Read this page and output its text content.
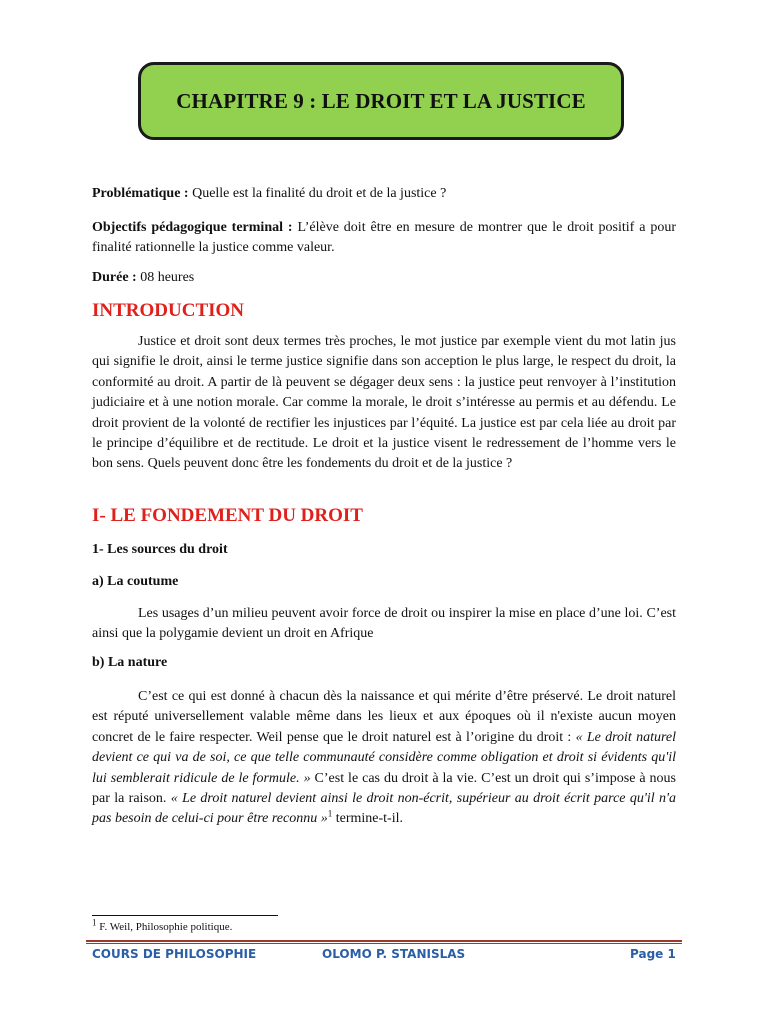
CHAPITRE 9 : LE DROIT ET LA JUSTICE
Problématique : Quelle est la finalité du droit et de la justice ?
Objectifs pédagogique terminal : L’élève doit être en mesure de montrer que le droit positif a pour finalité rationnelle la justice comme valeur.
Durée : 08 heures
INTRODUCTION
Justice et droit sont deux termes très proches, le mot justice par exemple vient du mot latin jus qui signifie le droit, ainsi le terme justice signifie dans son acception le plus large, le respect du droit, la conformité au droit. A partir de là peuvent se dégager deux sens : la justice peut renvoyer à l’institution judiciaire et à une notion morale. Car comme la morale, le droit s’intéresse au permis et au défendu. Le droit provient de la volonté de rectifier les injustices par l’équité. La justice est par cela liée au droit par le principe d’équilibre et de rectitude. Le droit et la justice visent le redressement de l’homme vers le bon sens. Quels peuvent donc être les fondements du droit et de la justice ?
I- LE FONDEMENT DU DROIT
1- Les sources du droit
a) La coutume
Les usages d’un milieu peuvent avoir force de droit ou inspirer la mise en place d’une loi. C’est ainsi que la polygamie devient un droit en Afrique
b) La nature
C’est ce qui est donné à chacun dès la naissance et qui mérite d’être préservé. Le droit naturel est réputé universellement valable même dans les lieux et aux époques où il n'existe aucun moyen concret de le faire respecter. Weil pense que le droit naturel est à l’origine du droit : « Le droit naturel devient ce qui va de soi, ce que telle communauté considère comme obligation et droit si évidents qu'il lui semblerait ridicule de le formule. » C’est le cas du droit à la vie. C’est un droit qui s’impose à nous par la raison. « Le droit naturel devient ainsi le droit non-écrit, supérieur au droit écrit parce qu'il n'a pas besoin de celui-ci pour être reconnu »$^1$ termine-t-il.
$^1$ F. Weil, Philosophie politique.
COURS DE PHILOSOPHIE	OLOMO P. STANISLAS	Page 1
